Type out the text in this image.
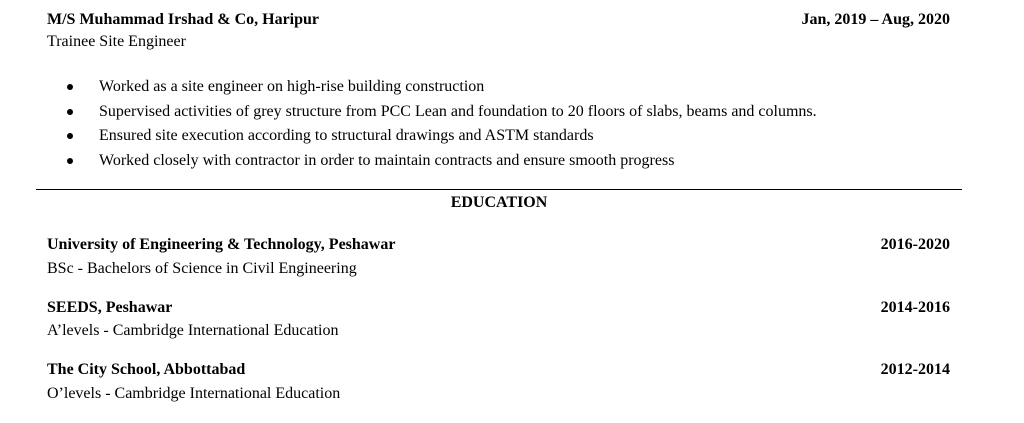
M/S Muhammad Irshad & Co, Haripur	Jan, 2019 – Aug, 2020
Trainee Site Engineer
Worked as a site engineer on high-rise building construction
Supervised activities of grey structure from PCC Lean and foundation to 20 floors of slabs, beams and columns.
Ensured site execution according to structural drawings and ASTM standards
Worked closely with contractor in order to maintain contracts and ensure smooth progress
EDUCATION
University of Engineering & Technology, Peshawar	2016-2020
BSc - Bachelors of Science in Civil Engineering
SEEDS, Peshawar	2014-2016
A’levels - Cambridge International Education
The City School, Abbottabad	2012-2014
O’levels - Cambridge International Education
